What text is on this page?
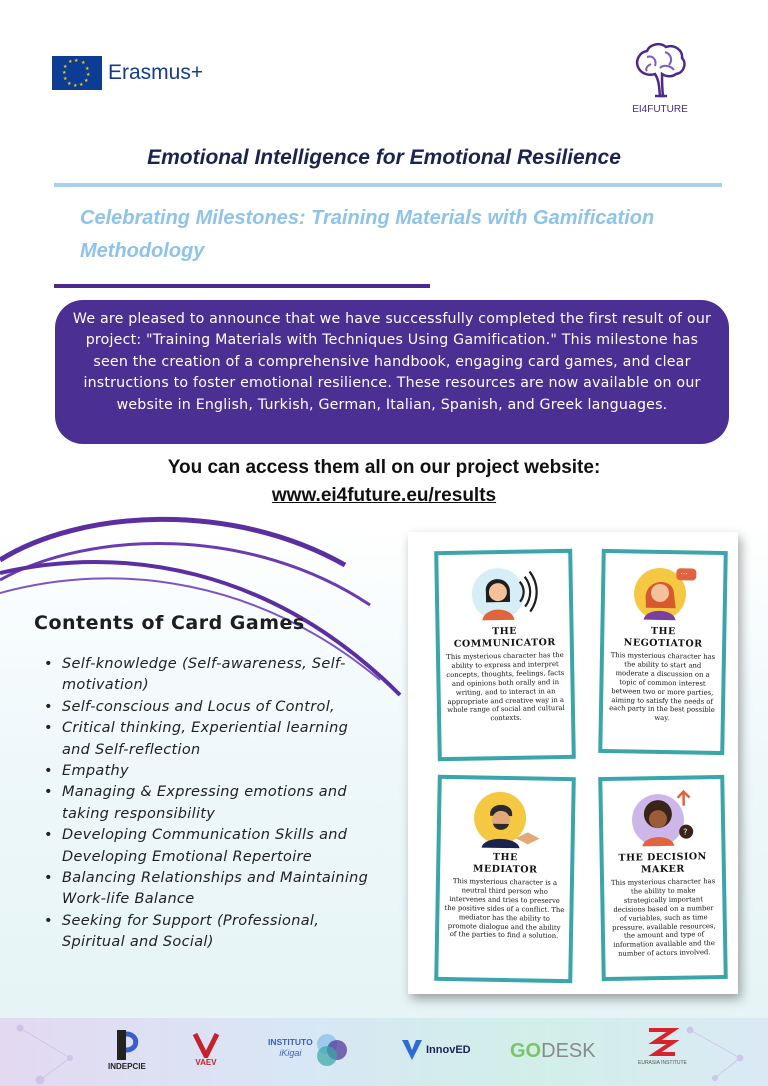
★ ★
★
★
★
★
★
★
★
★
★
★ Erasmus+
EI4FUTURE
Emotional Intelligence for Emotional Resilience
Celebrating Milestones: Training Materials with Gamification Methodology

We are pleased to announce that we have successfully completed the first result of our project: "Training Materials with Techniques Using Gamification." This milestone has seen the creation of a comprehensive handbook, engaging card games, and clear instructions to foster emotional resilience. These resources are now available on our website in English, Turkish, German, Italian, Spanish, and Greek languages.

You can access them all on our project website:
www.ei4future.eu/results
Contents of Card Games
• Self-knowledge (Self-awareness, Self-motivation)
• Self-conscious and Locus of Control,
• Critical thinking, Experiential learning and Self-reflection
• Empathy
• Managing & Expressing emotions and taking responsibility
• Developing Communication Skills and Developing Emotional Repertoire
• Balancing Relationships and Maintaining Work-life Balance
• Seeking for Support (Professional, Spiritual and Social)
THE
COMMUNICATOR
This mysterious character has the ability to express and interpret concepts, thoughts, feelings, facts and opinions both orally and in writing, and to interact in an appropriate and creative way in a whole range of social and cultural contexts.
···
THE
NEGOTIATOR
This mysterious character has the ability to start and moderate a discussion on a topic of common interest between two or more parties, aiming to satisfy the needs of each party in the best possible way.
THE
MEDIATOR
This mysterious character is a neutral third person who intervenes and tries to preserve the positive sides of a conflict. The mediator has the ability to promote dialogue and the ability of the parties to find a solution.
?
THE DECISION
MAKER
This mysterious character has the ability to make strategically important decisions based on a number of variables, such as time pressure, available resources, the amount and type of information available and the number of actors involved.
INDEPCIE	VAEV
INSTITUTO
iKigai	InnovED GO DESK
EURASIA INSTITUTE
